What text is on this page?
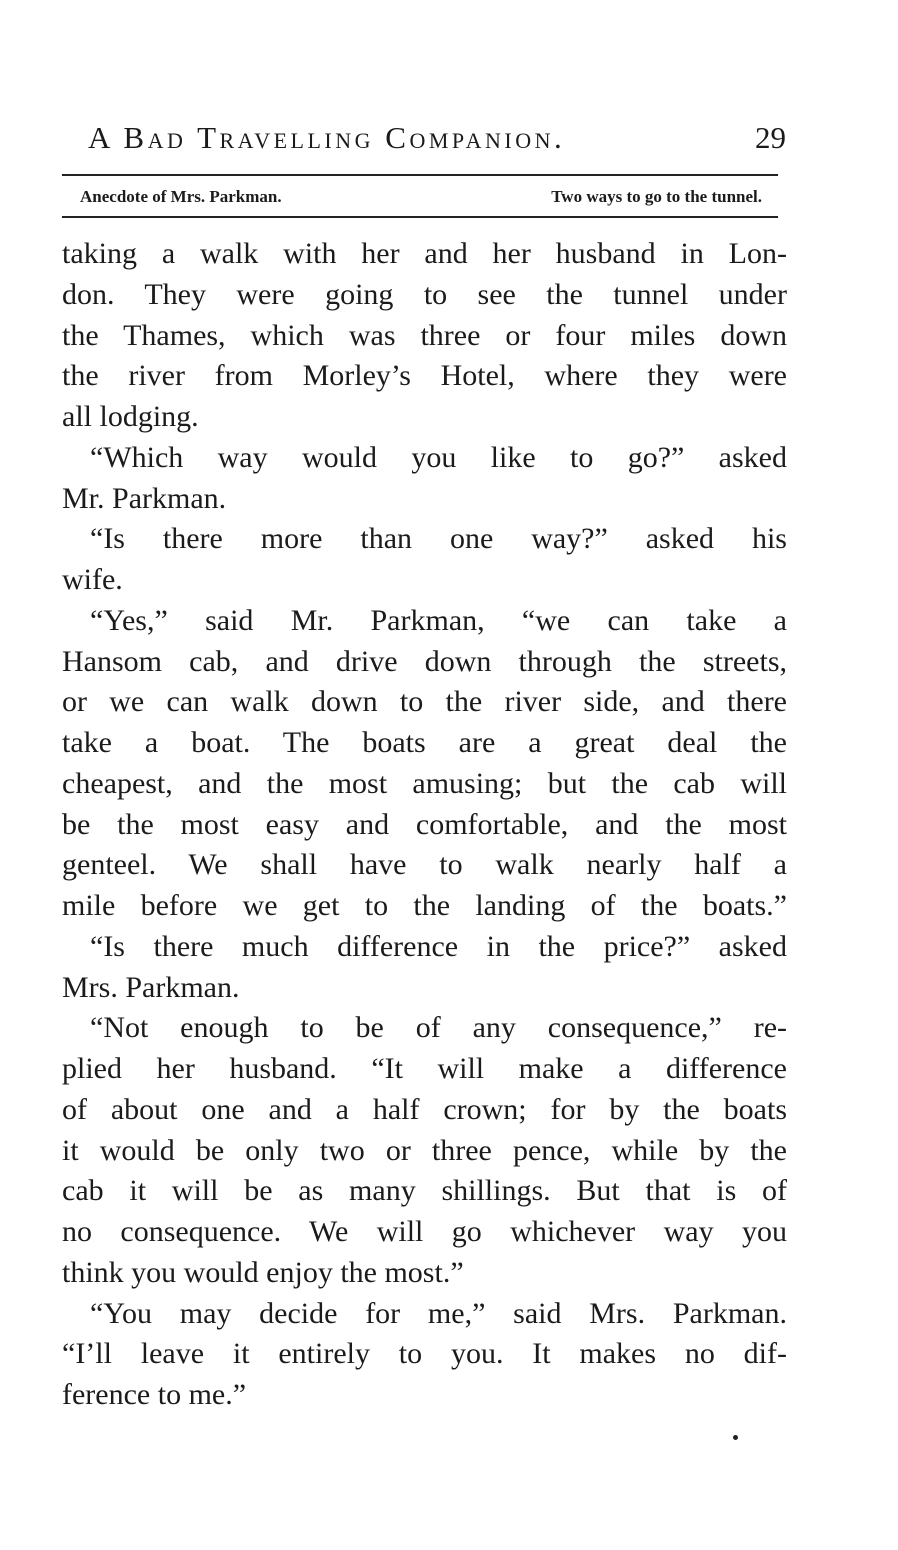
A Bad Travelling Companion.	29
Anecdote of Mrs. Parkman.	Two ways to go to the tunnel.
taking a walk with her and her husband in Lon-
don. They were going to see the tunnel under
the Thames, which was three or four miles down
the river from Morley’s Hotel, where they were
all lodging.
“Which way would you like to go?” asked
Mr. Parkman.
“Is there more than one way?” asked his
wife.
“Yes,” said Mr. Parkman, “we can take a
Hansom cab, and drive down through the streets,
or we can walk down to the river side, and there
take a boat. The boats are a great deal the
cheapest, and the most amusing; but the cab will
be the most easy and comfortable, and the most
genteel. We shall have to walk nearly half a
mile before we get to the landing of the boats.”
“Is there much difference in the price?” asked
Mrs. Parkman.
“Not enough to be of any consequence,” re-
plied her husband. “It will make a difference
of about one and a half crown; for by the boats
it would be only two or three pence, while by the
cab it will be as many shillings. But that is of
no consequence. We will go whichever way you
think you would enjoy the most.”
“You may decide for me,” said Mrs. Parkman.
“I’ll leave it entirely to you. It makes no dif-
ference to me.”
